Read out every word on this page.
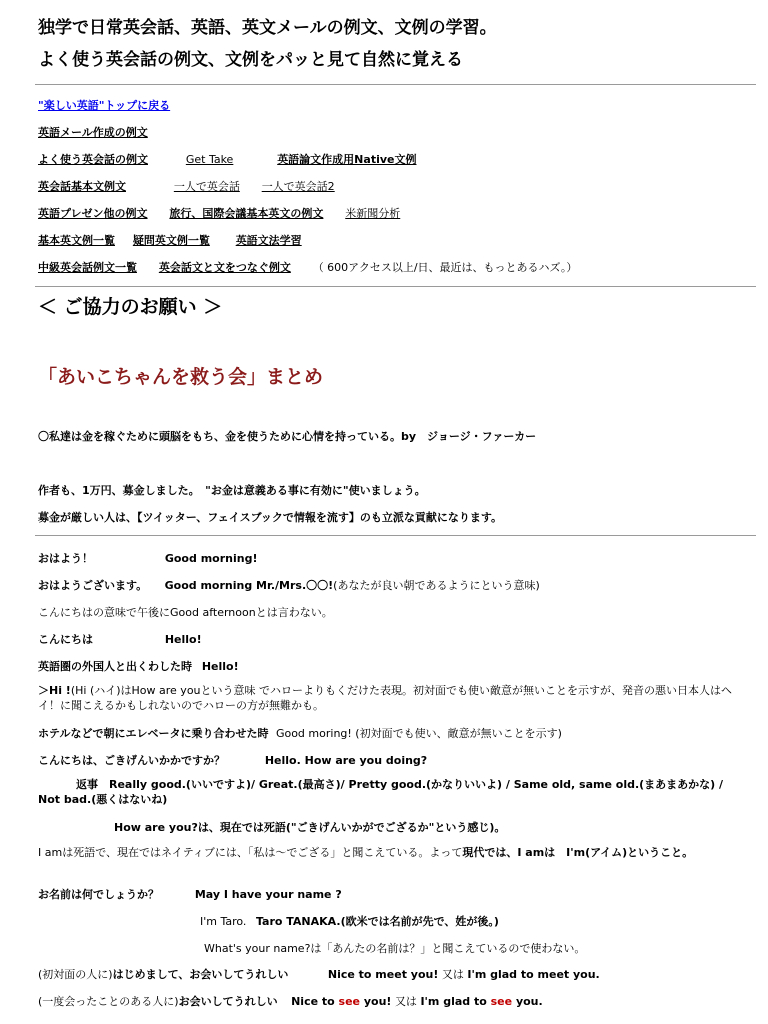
独学で日常英会話、英語、英文メールの例文、文例の学習。
よく使う英会話の例文、文例をパッと見て自然に覚える
"楽しい英語"トップに戻る
英語メール作成の例文
よく使う英会話の例文	Get Take	英語論文作成用Native文例
英会話基本文例文	一人で英会話 一人で英会話2
英語プレゼン他の例文 旅行、国際会議基本英文の例文 米新聞分析
基本英文例一覧 疑問英文例一覧 英語文法学習
中級英会話例文一覧 英会話文と文をつなぐ例文 （ 600アクセス以上/日、最近は、もっとあるハズ。）
＜ ご協力のお願い ＞
「あいこちゃんを救う会」まとめ
〇私達は金を稼ぐために頭脳をもち、金を使うために心情を持っている。by　ジョージ・ファーカー
作者も、1万円、募金しました。　"お金は意義ある事に有効に"使いましょう。
募金が厳しい人は、【ツイッター、フェイスブックで情報を流す】のも立派な貢献になります。
おはよう！	Good morning!
おはようございます。 Good morning Mr./Mrs.〇〇!(あなたが良い朝であるようにという意味)
こんにちはの意味で午後にGood afternoonとは言わない。
こんにちは	Hello!
英語圏の外国人と出くわした時 Hello!
＞Hi !(Hi (ハイ)はHow are youという意味 でハローよりもくだけた表現。初対面でも使い敵意が無いことを示すが、発音の悪い日本人はヘイ！に聞こえるかもしれないのでハローの方が無難かも。
ホテルなどで朝にエレベータに乗り合わせた時 Good moring! (初対面でも使い、敵意が無いことを示す)
こんにちは、ごきげんいかかですか？	Hello. How are you doing?
返事　Really good.(いいですよ)/ Great.(最高さ)/ Pretty good.(かなりいいよ) / Same old, same old.(まあまあかな) / Not bad.(悪くはないね)
How are you?は、現在では死語("ごきげんいかがでござるか"という感じ)。
I amは死語で、現在ではネイティブには、「私は～でござる」と聞こえている。よって現代では、I amは　I'm(アイム)ということ。
お名前は何でしょうか？	May I have your name ?
I'm Taro. Taro TANAKA.(欧米では名前が先で、姓が後。)
What's your name?は「あんたの名前は？」と聞こえているので使わない。
(初対面の人に)はじめまして、お会いしてうれしい	Nice to meet you! 又は I'm glad to meet you.
(一度会ったことのある人に)お会いしてうれしい Nice to see you! 又は I'm glad to see you.
